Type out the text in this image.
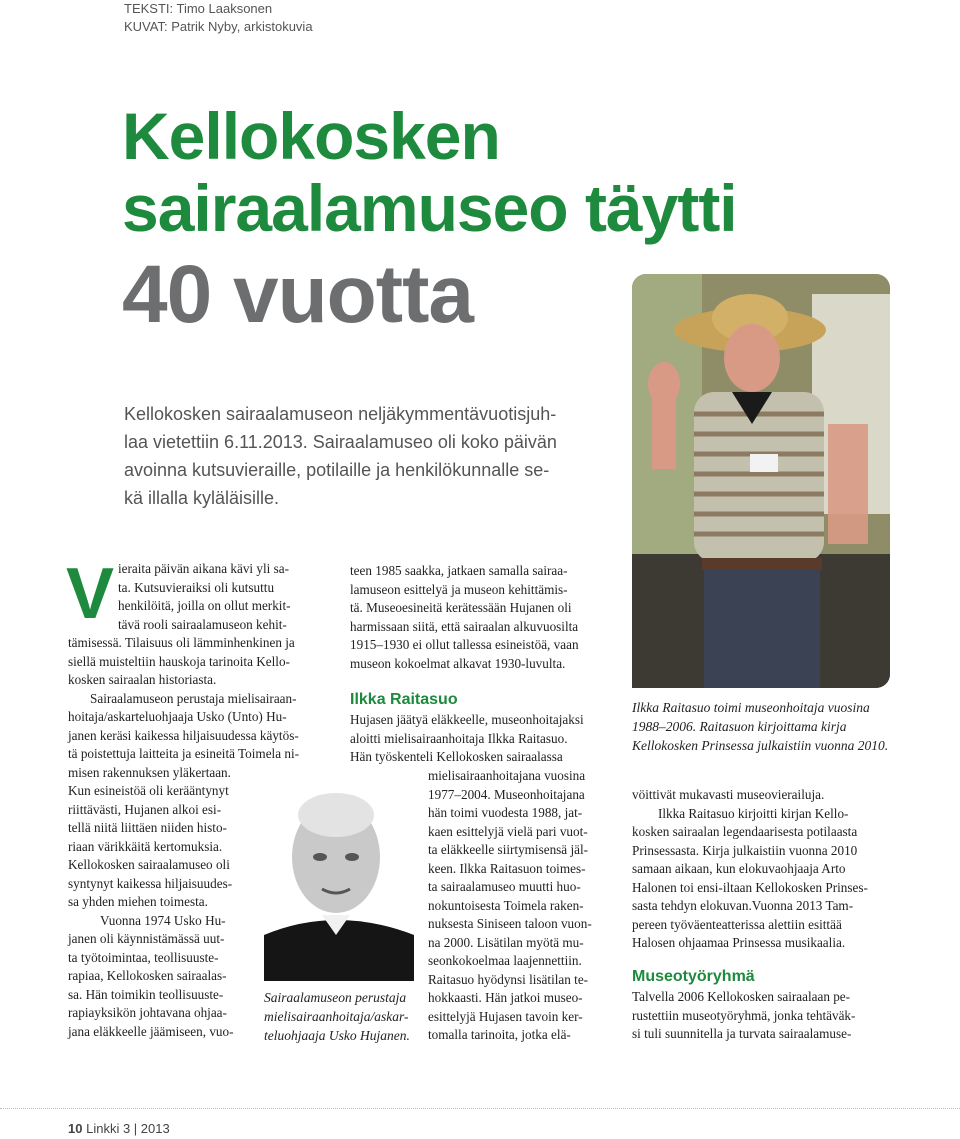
TEKSTI: Timo Laaksonen
KUVAT: Patrik Nyby, arkistokuvia
Kellokosken
sairaalamuseo täytti
40 vuotta
Kellokosken sairaalamuseon neljäkymmentävuotisjuh-
laa vietettiin 6.11.2013. Sairaalamuseo oli koko päivän
avoinna kutsuvieraille, potilaille ja henkilökunnalle se-
kä illalla kyläläisille.
V ieraita päivän aikana kävi yli sa-
ta. Kutsuvieraiksi oli kutsuttu
henkilöitä, joilla on ollut merkit-
tävä rooli sairaalamuseon kehit-
tämisessä. Tilaisuus oli lämminhenkinen ja
siellä muisteltiin hauskoja tarinoita Kello-
kosken sairaalan historiasta.
Sairaalamuseon perustaja mielisairaan-
hoitaja/askarteluohjaaja Usko (Unto) Hu-
janen keräsi kaikessa hiljaisuudessa käytös-
tä poistettuja laitteita ja esineitä Toimela ni-
misen rakennuksen yläkertaan.
Kun esineistöä oli kerääntynyt
riittävästi, Hujanen alkoi esi-
tellä niitä liittäen niiden histo-
riaan värikkäitä kertomuksia.
Kellokosken sairaalamuseo oli
syntynyt kaikessa hiljaisuudes-
sa yhden miehen toimesta.
Vuonna 1974 Usko Hu-
janen oli käynnistämässä uut-
ta työtoimintaa, teollisuuste-
rapiaa, Kellokosken sairaalas-
sa. Hän toimikin teollisuuste-
rapiayksikön johtavana ohjaa-
jana eläkkeelle jäämiseen, vuo-
Sairaalamuseon perustaja
mielisairaanhoitaja/askar-
teluohjaaja Usko Hujanen.
teen 1985 saakka, jatkaen samalla sairaa-
lamuseon esittelyä ja museon kehittämis-
tä. Museoesineitä kerätessään Hujanen oli
harmissaan siitä, että sairaalan alkuvuosilta
1915–1930 ei ollut tallessa esineistöä, vaan
museon kokoelmat alkavat 1930-luvulta.
Ilkka Raitasuo
Hujasen jäätyä eläkkeelle, museonhoitajaksi
aloitti mielisairaanhoitaja Ilkka Raitasuo.
Hän työskenteli Kellokosken sairaalassa
mielisairaanhoitajana vuosina
1977–2004. Museonhoitajana
hän toimi vuodesta 1988, jat-
kaen esittelyjä vielä pari vuot-
ta eläkkeelle siirtymisensä jäl-
keen. Ilkka Raitasuon toimes-
ta sairaalamuseo muutti huo-
nokuntoisesta Toimela raken-
nuksesta Siniseen taloon vuon-
na 2000. Lisätilan myötä mu-
seonkokoelmaa laajennettiin.
Raitasuo hyödynsi lisätilan te-
hokkaasti. Hän jatkoi museo-
esittelyjä Hujasen tavoin ker-
tomalla tarinoita, jotka elä-
Ilkka Raitasuo toimi museonhoitaja vuosina
1988–2006. Raitasuon kirjoittama kirja
Kellokosken Prinsessa julkaistiin vuonna 2010.
vöittivät mukavasti museovierailuja.
Ilkka Raitasuo kirjoitti kirjan Kello-
kosken sairaalan legendaarisesta potilaasta
Prinsessasta. Kirja julkaistiin vuonna 2010
samaan aikaan, kun elokuvaohjaaja Arto
Halonen toi ensi-iltaan Kellokosken Prinses-
sasta tehdyn elokuvan.Vuonna 2013 Tam-
pereen työväenteatterissa alettiin esittää
Halosen ohjaamaa Prinsessa musikaalia.
Museotyöryhmä
Talvella 2006 Kellokosken sairaalaan pe-
rustettiin museotyöryhmä, jonka tehtäväk-
si tuli suunnitella ja turvata sairaalamuse-
10 Linkki 3 | 2013
